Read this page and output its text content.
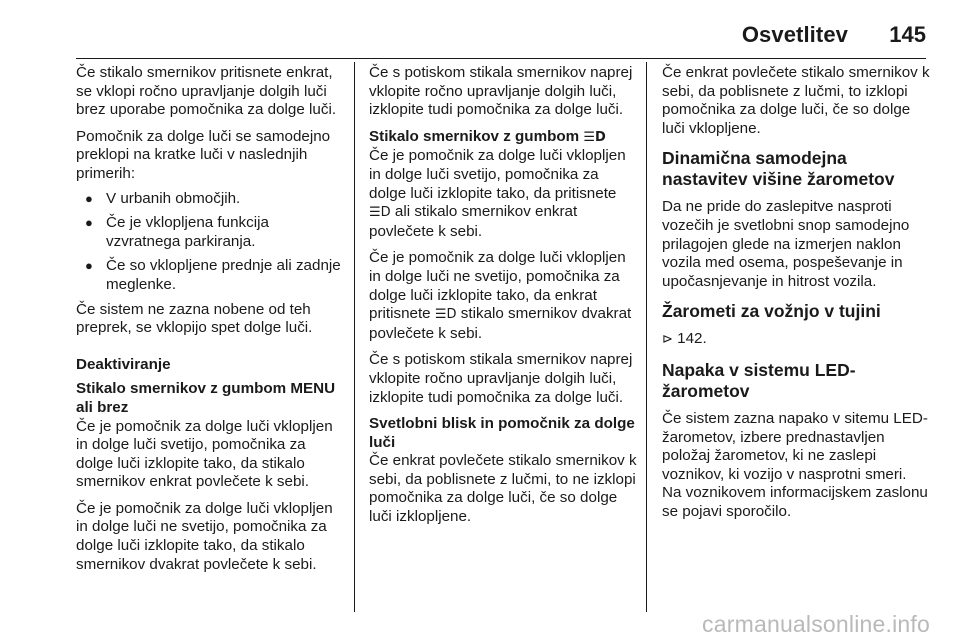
Osvetlitev 145

Če stikalo smernikov pritisnete enkrat, se vklopi ročno upravljanje dolgih luči brez uporabe pomočnika za dolge luči.

Pomočnik za dolge luči se samodejno preklopi na kratke luči v naslednjih primerih:

● V urbanih območjih.
● Če je vklopljena funkcija vzvratnega parkiranja.
● Če so vklopljene prednje ali zadnje meglenke.

Če sistem ne zazna nobene od teh preprek, se vklopijo spet dolge luči.

Deaktiviranje

Stikalo smernikov z gumbom MENU ali brez

Če je pomočnik za dolge luči vklopljen in dolge luči svetijo, pomočnika za dolge luči izklopite tako, da stikalo smernikov enkrat povlečete k sebi.

Če je pomočnik za dolge luči vklopljen in dolge luči ne svetijo, pomočnika za dolge luči izklopite tako, da stikalo smernikov dvakrat povlečete k sebi.

Če s potiskom stikala smernikov naprej vklopite ročno upravljanje dolgih luči, izklopite tudi pomočnika za dolge luči.

Stikalo smernikov z gumbom ☰D

Če je pomočnik za dolge luči vklopljen in dolge luči svetijo, pomočnika za dolge luči izklopite tako, da pritisnete ☰D ali stikalo smernikov enkrat povlečete k sebi.

Če je pomočnik za dolge luči vklopljen in dolge luči ne svetijo, pomočnika za dolge luči izklopite tako, da enkrat pritisnete ☰D stikalo smernikov dvakrat povlečete k sebi.

Če s potiskom stikala smernikov naprej vklopite ročno upravljanje dolgih luči, izklopite tudi pomočnika za dolge luči.

Svetlobni blisk in pomočnik za dolge luči

Če enkrat povlečete stikalo smernikov k sebi, da poblisnete z lučmi, to ne izklopi pomočnika za dolge luči, če so dolge luči izklopljene.

Če enkrat povlečete stikalo smernikov k sebi, da poblisnete z lučmi, to izklopi pomočnika za dolge luči, če so dolge luči vklopljene.

Dinamična samodejna nastavitev višine žarometov

Da ne pride do zaslepitve nasproti vozečih je svetlobni snop samodejno prilagojen glede na izmerjen naklon vozila med osema, pospeševanje in upočasnjevanje in hitrost vozila.

Žarometi za vožnjo v tujini

⊳ 142.

Napaka v sistemu LED-žarometov

Če sistem zazna napako v sitemu LED-žarometov, izbere prednastavljen položaj žarometov, ki ne zaslepi voznikov, ki vozijo v nasprotni smeri. Na voznikovem informacijskem zaslonu se pojavi sporočilo.

carmanualsonline.info
